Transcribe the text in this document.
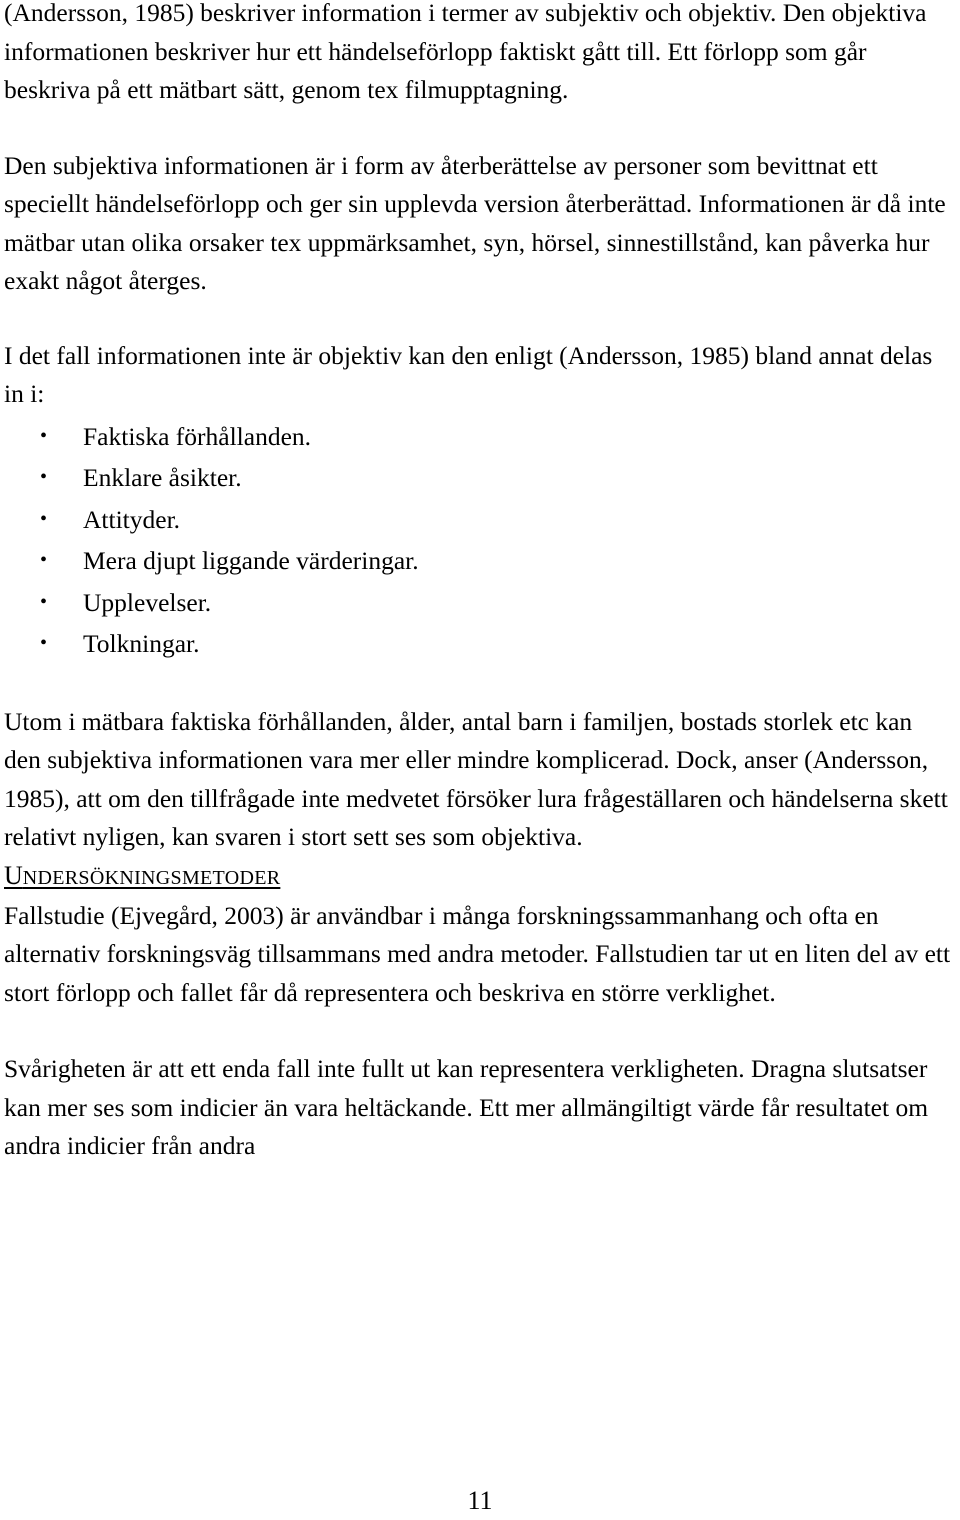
(Andersson, 1985) beskriver information i termer av subjektiv och objektiv. Den objektiva informationen beskriver hur ett händelseförlopp faktiskt gått till. Ett förlopp som går beskriva på ett mätbart sätt, genom tex filmupptagning.

Den subjektiva informationen är i form av återberättelse av personer som bevittnat ett speciellt händelseförlopp och ger sin upplevda version återberättad. Informationen är då inte mätbar utan olika orsaker tex uppmärksamhet, syn, hörsel, sinnestillstånd, kan påverka hur exakt något återges.

I det fall informationen inte är objektiv kan den enligt (Andersson, 1985) bland annat delas in i:

• Faktiska förhållanden.
• Enklare åsikter.
• Attityder.
• Mera djupt liggande värderingar.
• Upplevelser.
• Tolkningar.

Utom i mätbara faktiska förhållanden, ålder, antal barn i familjen, bostads storlek etc kan den subjektiva informationen vara mer eller mindre komplicerad. Dock, anser (Andersson, 1985), att om den tillfrågade inte medvetet försöker lura frågeställaren och händelserna skett relativt nyligen, kan svaren i stort sett ses som objektiva.

UNDERSÖKNINGSMETODER

Fallstudie (Ejvegård, 2003) är användbar i många forskningssammanhang och ofta en alternativ forskningsväg tillsammans med andra metoder. Fallstudien tar ut en liten del av ett stort förlopp och fallet får då representera och beskriva en större verklighet.

Svårigheten är att ett enda fall inte fullt ut kan representera verkligheten. Dragna slutsatser kan mer ses som indicier än vara heltäckande. Ett mer allmängiltigt värde får resultatet om andra indicier från andra

11
